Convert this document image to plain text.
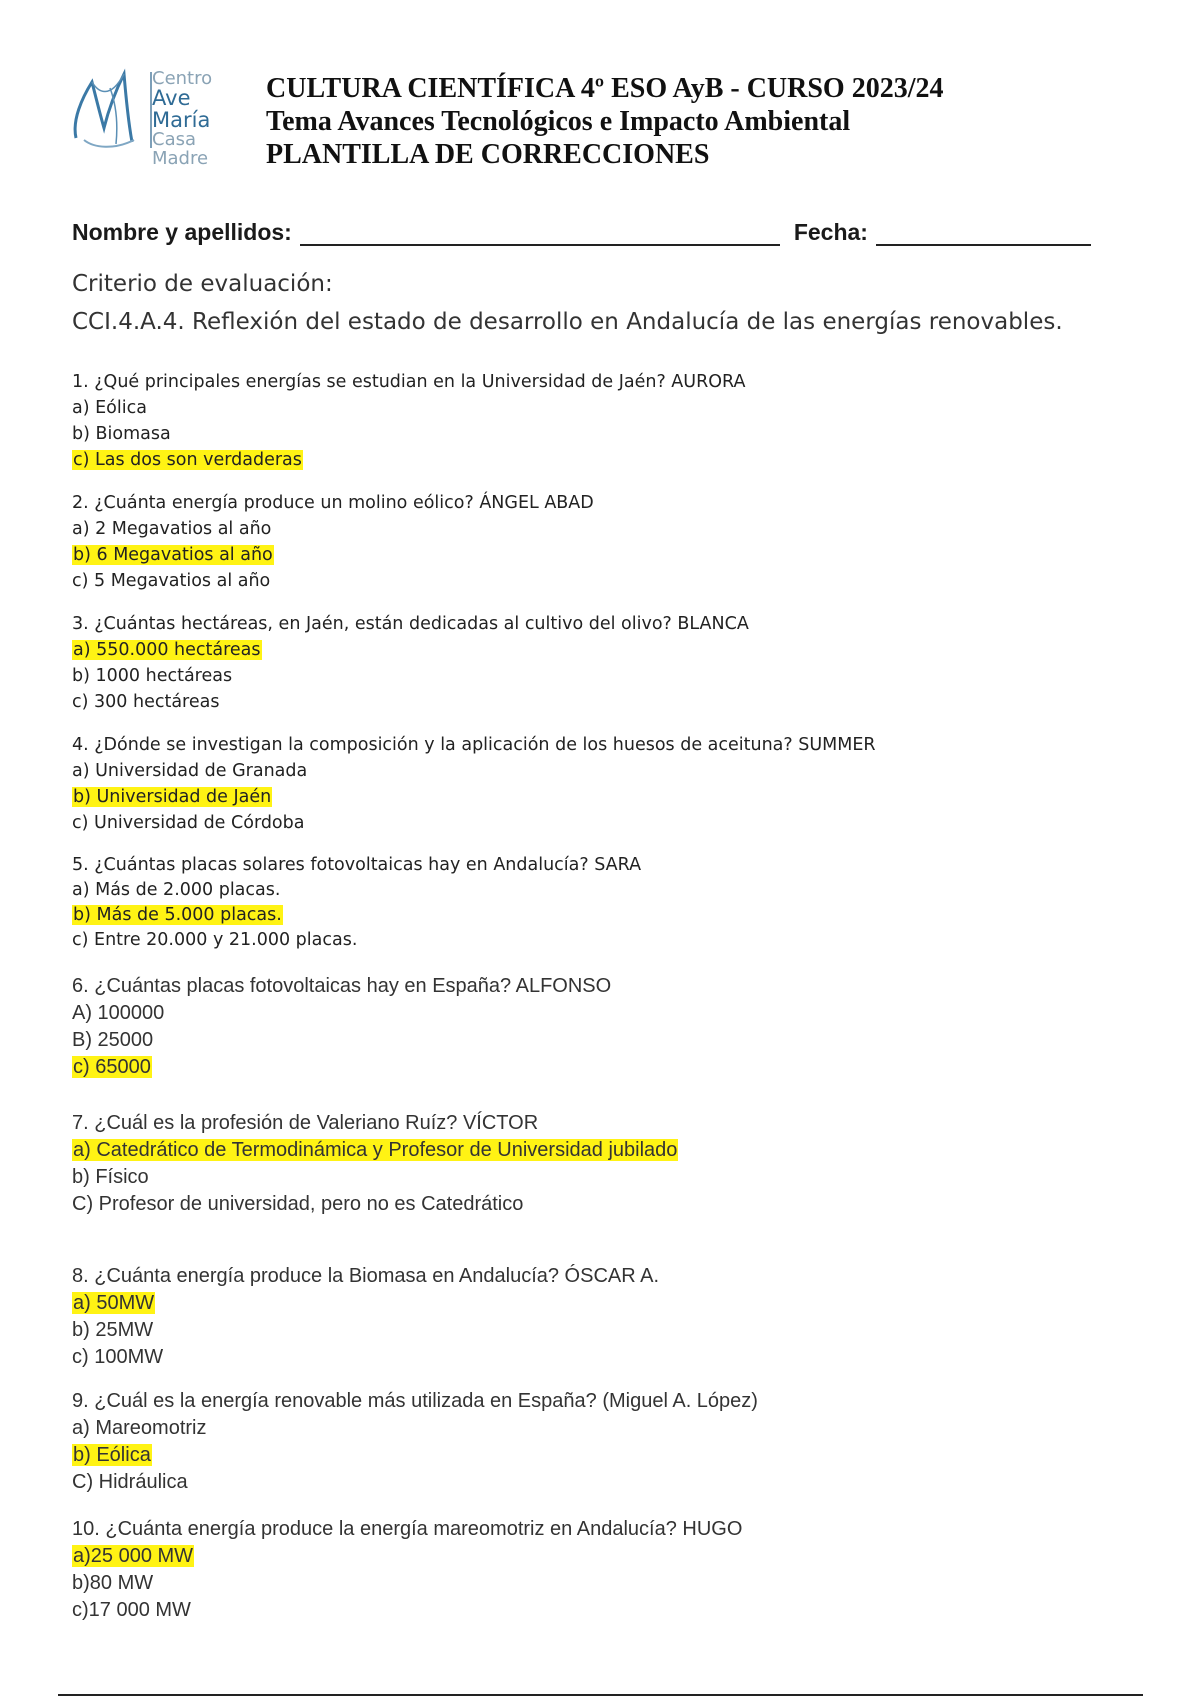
Centro
Ave María
Casa Madre
CULTURA CIENTÍFICA 4º ESO AyB - CURSO 2023/24
Tema Avances Tecnológicos e Impacto Ambiental
PLANTILLA DE CORRECCIONES
Nombre y apellidos:	Fecha:
Criterio de evaluación:
CCI.4.A.4. Reflexión del estado de desarrollo en Andalucía de las energías renovables.
1. ¿Qué principales energías se estudian en la Universidad de Jaén? AURORA
a) Eólica
b) Biomasa
c) Las dos son verdaderas
2. ¿Cuánta energía produce un molino eólico? ÁNGEL ABAD
a) 2 Megavatios al año
b) 6 Megavatios al año
c) 5 Megavatios al año
3. ¿Cuántas hectáreas, en Jaén, están dedicadas al cultivo del olivo? BLANCA
a) 550.000 hectáreas
b) 1000 hectáreas
c) 300 hectáreas
4. ¿Dónde se investigan la composición y la aplicación de los huesos de aceituna? SUMMER
a) Universidad de Granada
b) Universidad de Jaén
c) Universidad de Córdoba
5. ¿Cuántas placas solares fotovoltaicas hay en Andalucía? SARA
a) Más de 2.000 placas.
b) Más de 5.000 placas.
c) Entre 20.000 y 21.000 placas.
6. ¿Cuántas placas fotovoltaicas hay en España? ALFONSO
A) 100000
B) 25000
c) 65000
7. ¿Cuál es la profesión de Valeriano Ruíz? VÍCTOR
a) Catedrático de Termodinámica y Profesor de Universidad jubilado
b) Físico
C) Profesor de universidad, pero no es Catedrático
8. ¿Cuánta energía produce la Biomasa en Andalucía? ÓSCAR A.
a) 50MW
b) 25MW
c) 100MW
9. ¿Cuál es la energía renovable más utilizada en España? (Miguel A. López)
a) Mareomotriz
b) Eólica
C) Hidráulica
10. ¿Cuánta energía produce la energía mareomotriz en Andalucía? HUGO
a)25 000 MW
b)80 MW
c)17 000 MW
